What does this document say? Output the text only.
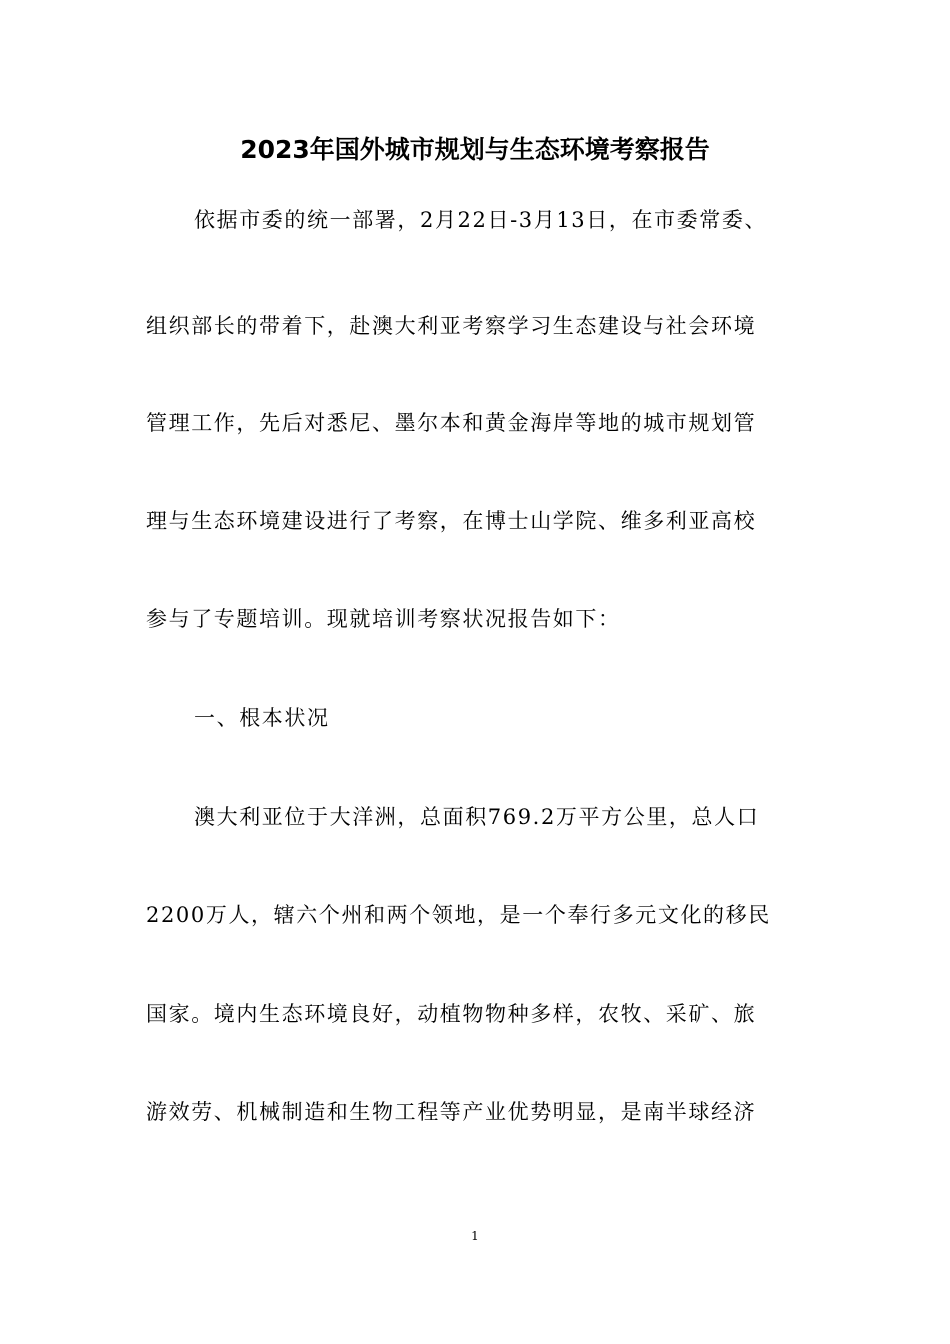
2023年国外城市规划与生态环境考察报告
依据市委的统一部署，2月22日-3月13日，在市委常委、
组织部长的带着下，赴澳大利亚考察学习生态建设与社会环境
管理工作，先后对悉尼、墨尔本和黄金海岸等地的城市规划管
理与生态环境建设进行了考察，在博士山学院、维多利亚高校
参与了专题培训。现就培训考察状况报告如下：
一、根本状况
澳大利亚位于大洋洲，总面积769.2万平方公里，总人口
2200万人，辖六个州和两个领地，是一个奉行多元文化的移民
国家。境内生态环境良好，动植物物种多样，农牧、采矿、旅
游效劳、机械制造和生物工程等产业优势明显，是南半球经济
1
